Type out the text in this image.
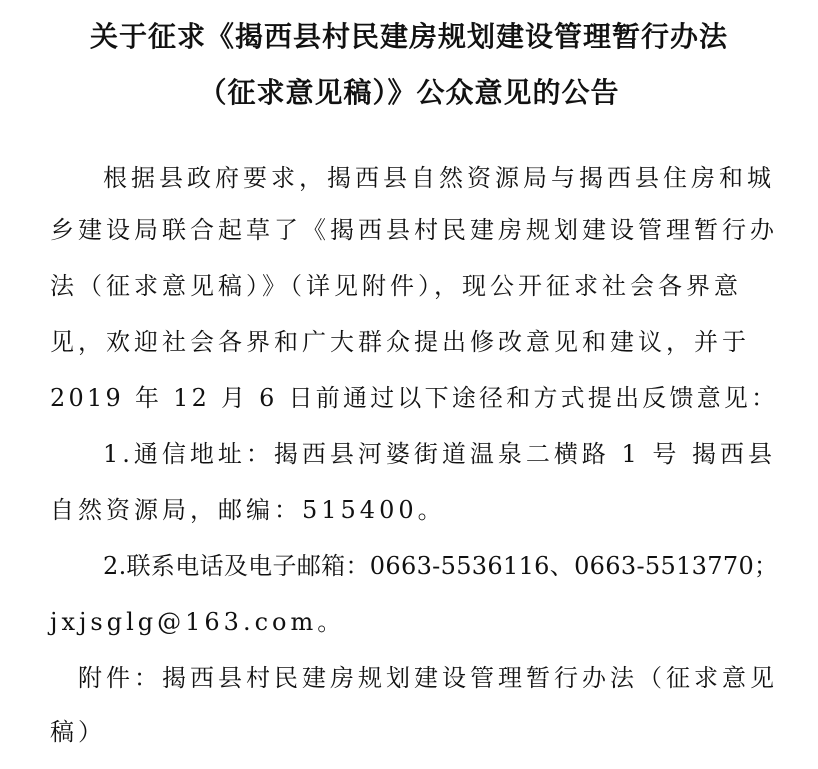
关于征求《揭西县村民建房规划建设管理暂行办法
（征求意见稿）》公众意见的公告
根据县政府要求，揭西县自然资源局与揭西县住房和城
乡建设局联合起草了《揭西县村民建房规划建设管理暂行办
法（征求意见稿）》（详见附件），现公开征求社会各界意
见，欢迎社会各界和广大群众提出修改意见和建议，并于
2019 年 12 月 6 日前通过以下途径和方式提出反馈意见：
1.通信地址：揭西县河婆街道温泉二横路 1 号 揭西县
自然资源局，邮编：515400。
2.联系电话及电子邮箱：0663-5536116、0663-5513770；
jxjsglg@163.com。
附件：揭西县村民建房规划建设管理暂行办法（征求意见
稿）
